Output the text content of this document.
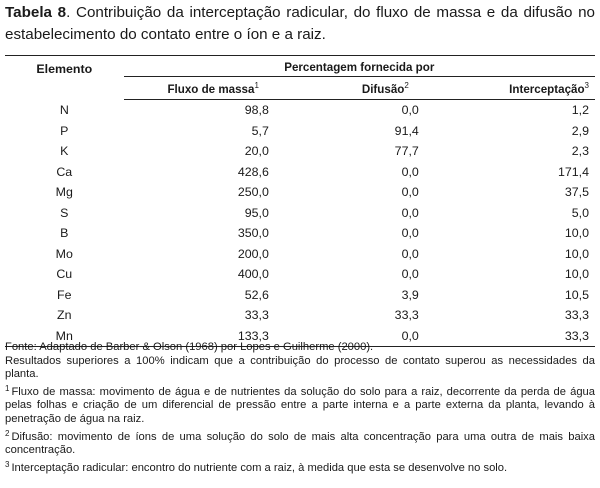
Tabela 8. Contribuição da interceptação radicular, do fluxo de massa e da difusão no estabelecimento do contato entre o íon e a raiz.
Elemento	Percentagem fornecida por		
	Fluxo de massa$^1$	Difusão$^2$	Interceptação$^3$
N	98,8	0,0	1,2
P	5,7	91,4	2,9
K	20,0	77,7	2,3
Ca	428,6	0,0	171,4
Mg	250,0	0,0	37,5
S	95,0	0,0	5,0
B	350,0	0,0	10,0
Mo	200,0	0,0	10,0
Cu	400,0	0,0	10,0
Fe	52,6	3,9	10,5
Zn	33,3	33,3	33,3
Mn	133,3	0,0	33,3

Fonte: Adaptado de Barber & Olson (1968) por Lopes e Guilherme (2000).

Resultados superiores a 100% indicam que a contribuição do processo de contato superou as necessidades da planta.

$^1$ Fluxo de massa: movimento de água e de nutrientes da solução do solo para a raiz, decorrente da perda de água pelas folhas e criação de um diferencial de pressão entre a parte interna e a parte externa da planta, levando à penetração de água na raiz.

$^2$ Difusão: movimento de íons de uma solução do solo de mais alta concentração para uma outra de mais baixa concentração.

$^3$ Interceptação radicular: encontro do nutriente com a raiz, à medida que esta se desenvolve no solo.
